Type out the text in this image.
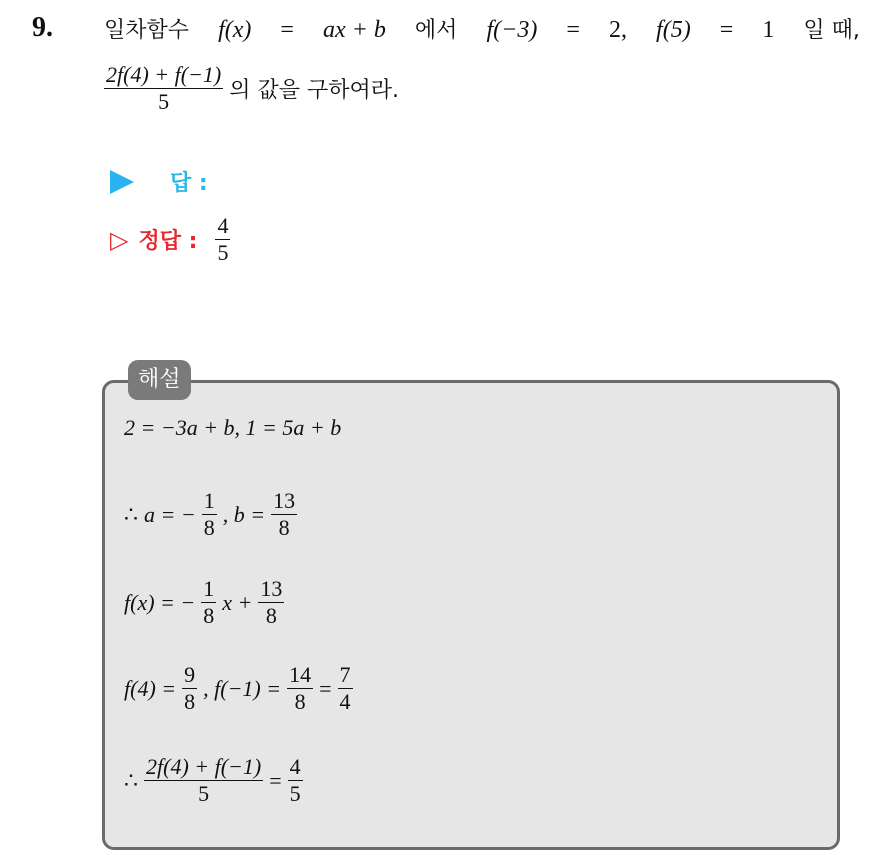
9. 일차함수 f(x) = ax + b 에서 f(−3) = 2, f(5) = 1 일 때,
$\frac{2f(4) + f(-1)}{5}$ 의 값을 구하여라.
답 :
▷ 정답 : $\frac{4}{5}$
해설
2 = −3a + b, 1 = 5a + b
∴ a = − $\frac{1}{8}$ , $b = \frac{13}{8}$
f(x) = − $\frac{1}{8}$ $x + \frac{13}{8}$
$f(4) = \frac{9}{8}$ , $f(-1) = \frac{14}{8} = \frac{7}{4}$
∴ $\frac{2f(4) + f(-1)}{5} = \frac{4}{5}$
